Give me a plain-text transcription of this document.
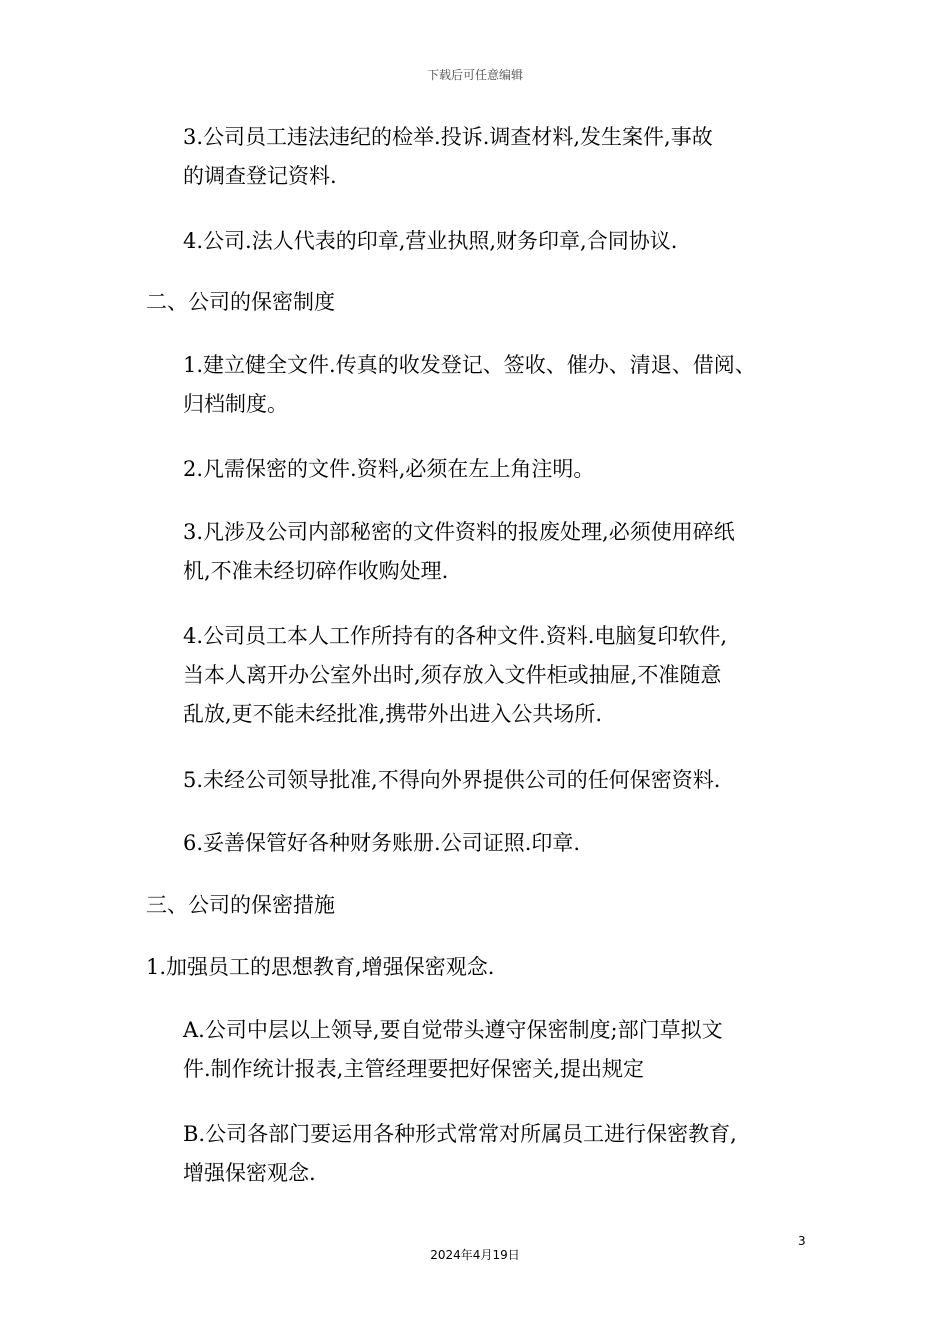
下载后可任意编辑

3.公司员工违法违纪的检举.投诉.调查材料,发生案件,事故
的调查登记资料.

4.公司.法人代表的印章,营业执照,财务印章,合同协议.

二、公司的保密制度

1.建立健全文件.传真的收发登记、签收、催办、清退、借阅、
归档制度。

2.凡需保密的文件.资料,必须在左上角注明。

3.凡涉及公司内部秘密的文件资料的报废处理,必须使用碎纸
机,不准未经切碎作收购处理.

4.公司员工本人工作所持有的各种文件.资料.电脑复印软件,
当本人离开办公室外出时,须存放入文件柜或抽屉,不准随意
乱放,更不能未经批准,携带外出进入公共场所.

5.未经公司领导批准,不得向外界提供公司的任何保密资料.

6.妥善保管好各种财务账册.公司证照.印章.

三、公司的保密措施

1.加强员工的思想教育,增强保密观念.

A.公司中层以上领导,要自觉带头遵守保密制度;部门草拟文
件.制作统计报表,主管经理要把好保密关,提出规定

B.公司各部门要运用各种形式常常对所属员工进行保密教育,
增强保密观念.

3
2024年4月19日
